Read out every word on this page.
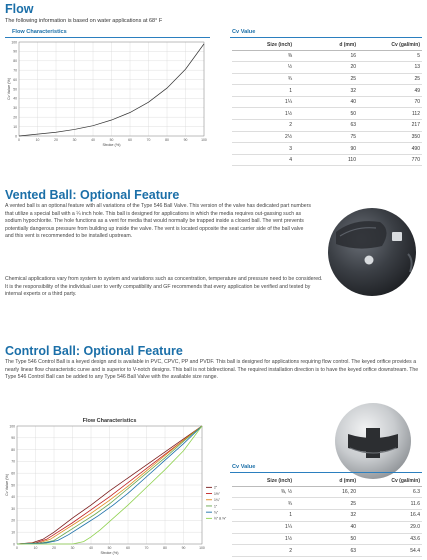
Flow
The following information is based on water applications at 68° F
Flow Characteristics	Cv Value
0
10
20
30
40
50
60
70
80
90
100
0	10	20	30	40	50	60	70	80	90	100
Stroke (%)
Cv Value (%)
Size (inch)	d (mm)	Cv (gal/min)
⅜	16	5
½	20	13
¾	25	25
1	32	49
1¼	40	70
1½	50	112
2	63	217
2½	75	350
3	90	490
4	110	770
Vented Ball: Optional Feature
A vented ball is an optional feature with all variations of the Type 546 Ball Valve. This version of the valve has dedicated part numbers that utilize a special ball with a ¼ inch hole. This ball is designed for applications in which the media requires out-gassing such as sodium hypochlorite. The hole functions as a vent for media that would normally be trapped inside a closed ball. The vent prevents potentially dangerous pressure from building up inside the valve. The vent is located opposite the seat carrier side of the ball valve and this vent is recommended to be installed upstream.
Chemical applications vary from system to system and variations such as concentration, temperature and pressure need to be considered. It is the responsibility of the individual user to verify compatibility and GF recommends that every application be verified and tested by internal experts or a third party.
Control Ball: Optional Feature
The Type 546 Control Ball is a keyed design and is available in PVC, CPVC, PP and PVDF. This ball is designed for applications requiring flow control. The keyed orifice provides a nearly linear flow characteristic curve and is superior to V-notch designs. This ball is not bidirectional. The required installation direction is to have the keyed orifice downstream. The Type 546 Control Ball can be added to any Type 546 Ball Valve with the available size range.
Flow Characteristics
0
10
20
30
40
50
60
70
80
90
100
0	10	20	30	40	50	60	70	80	90	100
Stroke (%)
Cv Value (%)	2"
1½"
1¼"
1"
¾"
½" & ⅜"
Cv Value
Size (inch)	d (mm)	Cv (gal/min)
⅜, ½	16, 20	6.3
¾	25	11.6
1	32	16.4
1¼	40	29.0
1½	50	43.6
2	63	54.4
